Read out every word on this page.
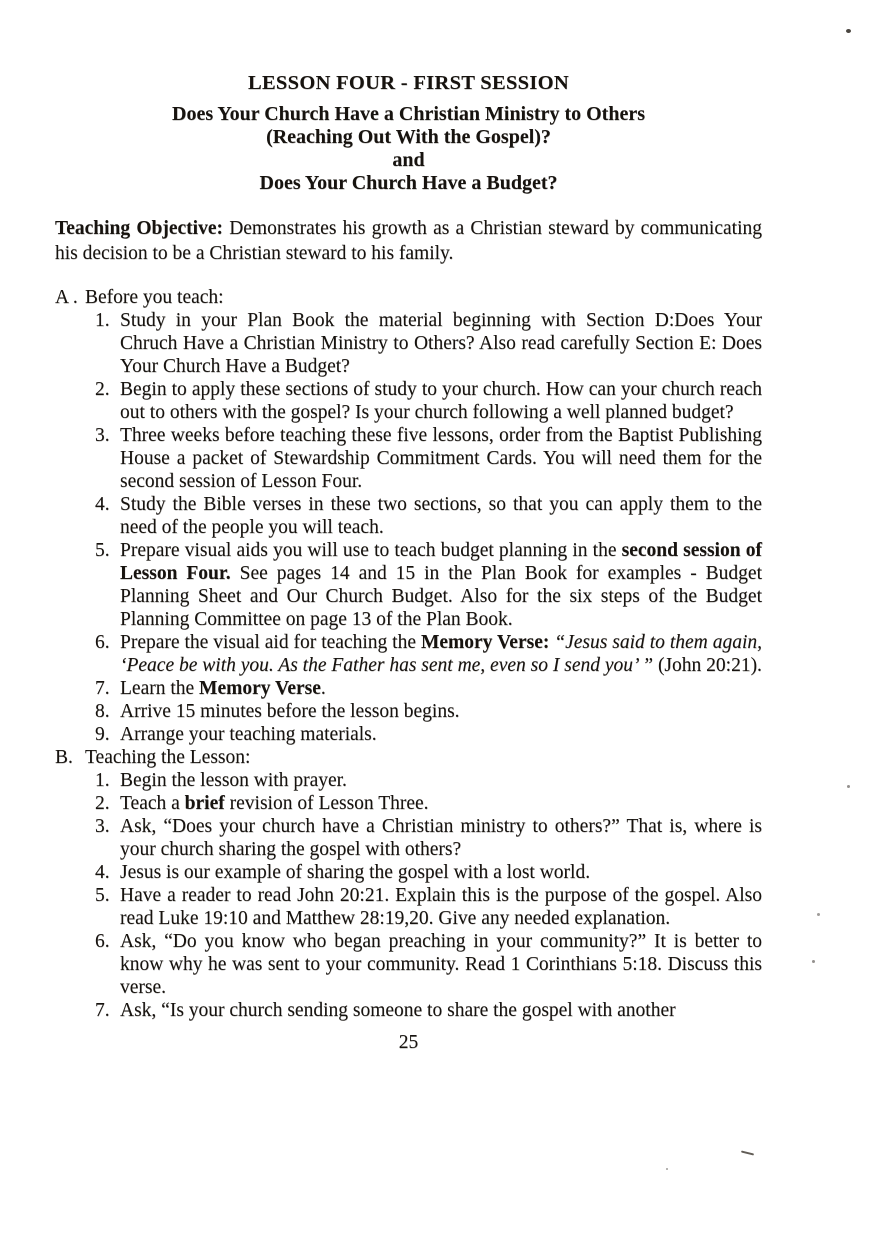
LESSON FOUR - FIRST SESSION
Does Your Church Have a Christian Ministry to Others
(Reaching Out With the Gospel)?
and
Does Your Church Have a Budget?

Teaching Objective: Demonstrates his growth as a Christian steward by communicating his decision to be a Christian steward to his family.

A . Before you teach:
1. Study in your Plan Book the material beginning with Section D:Does Your Chruch Have a Christian Ministry to Others? Also read carefully Section E: Does Your Church Have a Budget?
2. Begin to apply these sections of study to your church. How can your church reach out to others with the gospel? Is your church following a well planned budget?
3. Three weeks before teaching these five lessons, order from the Baptist Publishing House a packet of Stewardship Commitment Cards. You will need them for the second session of Lesson Four.
4. Study the Bible verses in these two sections, so that you can apply them to the need of the people you will teach.
5. Prepare visual aids you will use to teach budget planning in the second session of Lesson Four. See pages 14 and 15 in the Plan Book for examples - Budget Planning Sheet and Our Church Budget. Also for the six steps of the Budget Planning Committee on page 13 of the Plan Book.
6. Prepare the visual aid for teaching the Memory Verse: “Jesus said to them again, ‘Peace be with you. As the Father has sent me, even so I send you’ ” (John 20:21).
7. Learn the Memory Verse.
8. Arrive 15 minutes before the lesson begins.
9. Arrange your teaching materials.
B. Teaching the Lesson:
1. Begin the lesson with prayer.
2. Teach a brief revision of Lesson Three.
3. Ask, “Does your church have a Christian ministry to others?” That is, where is your church sharing the gospel with others?
4. Jesus is our example of sharing the gospel with a lost world.
5. Have a reader to read John 20:21. Explain this is the purpose of the gospel. Also read Luke 19:10 and Matthew 28:19,20. Give any needed explanation.
6. Ask, “Do you know who began preaching in your community?” It is better to know why he was sent to your community. Read 1 Corinthians 5:18. Discuss this verse.
7. Ask, “Is your church sending someone to share the gospel with another
25
